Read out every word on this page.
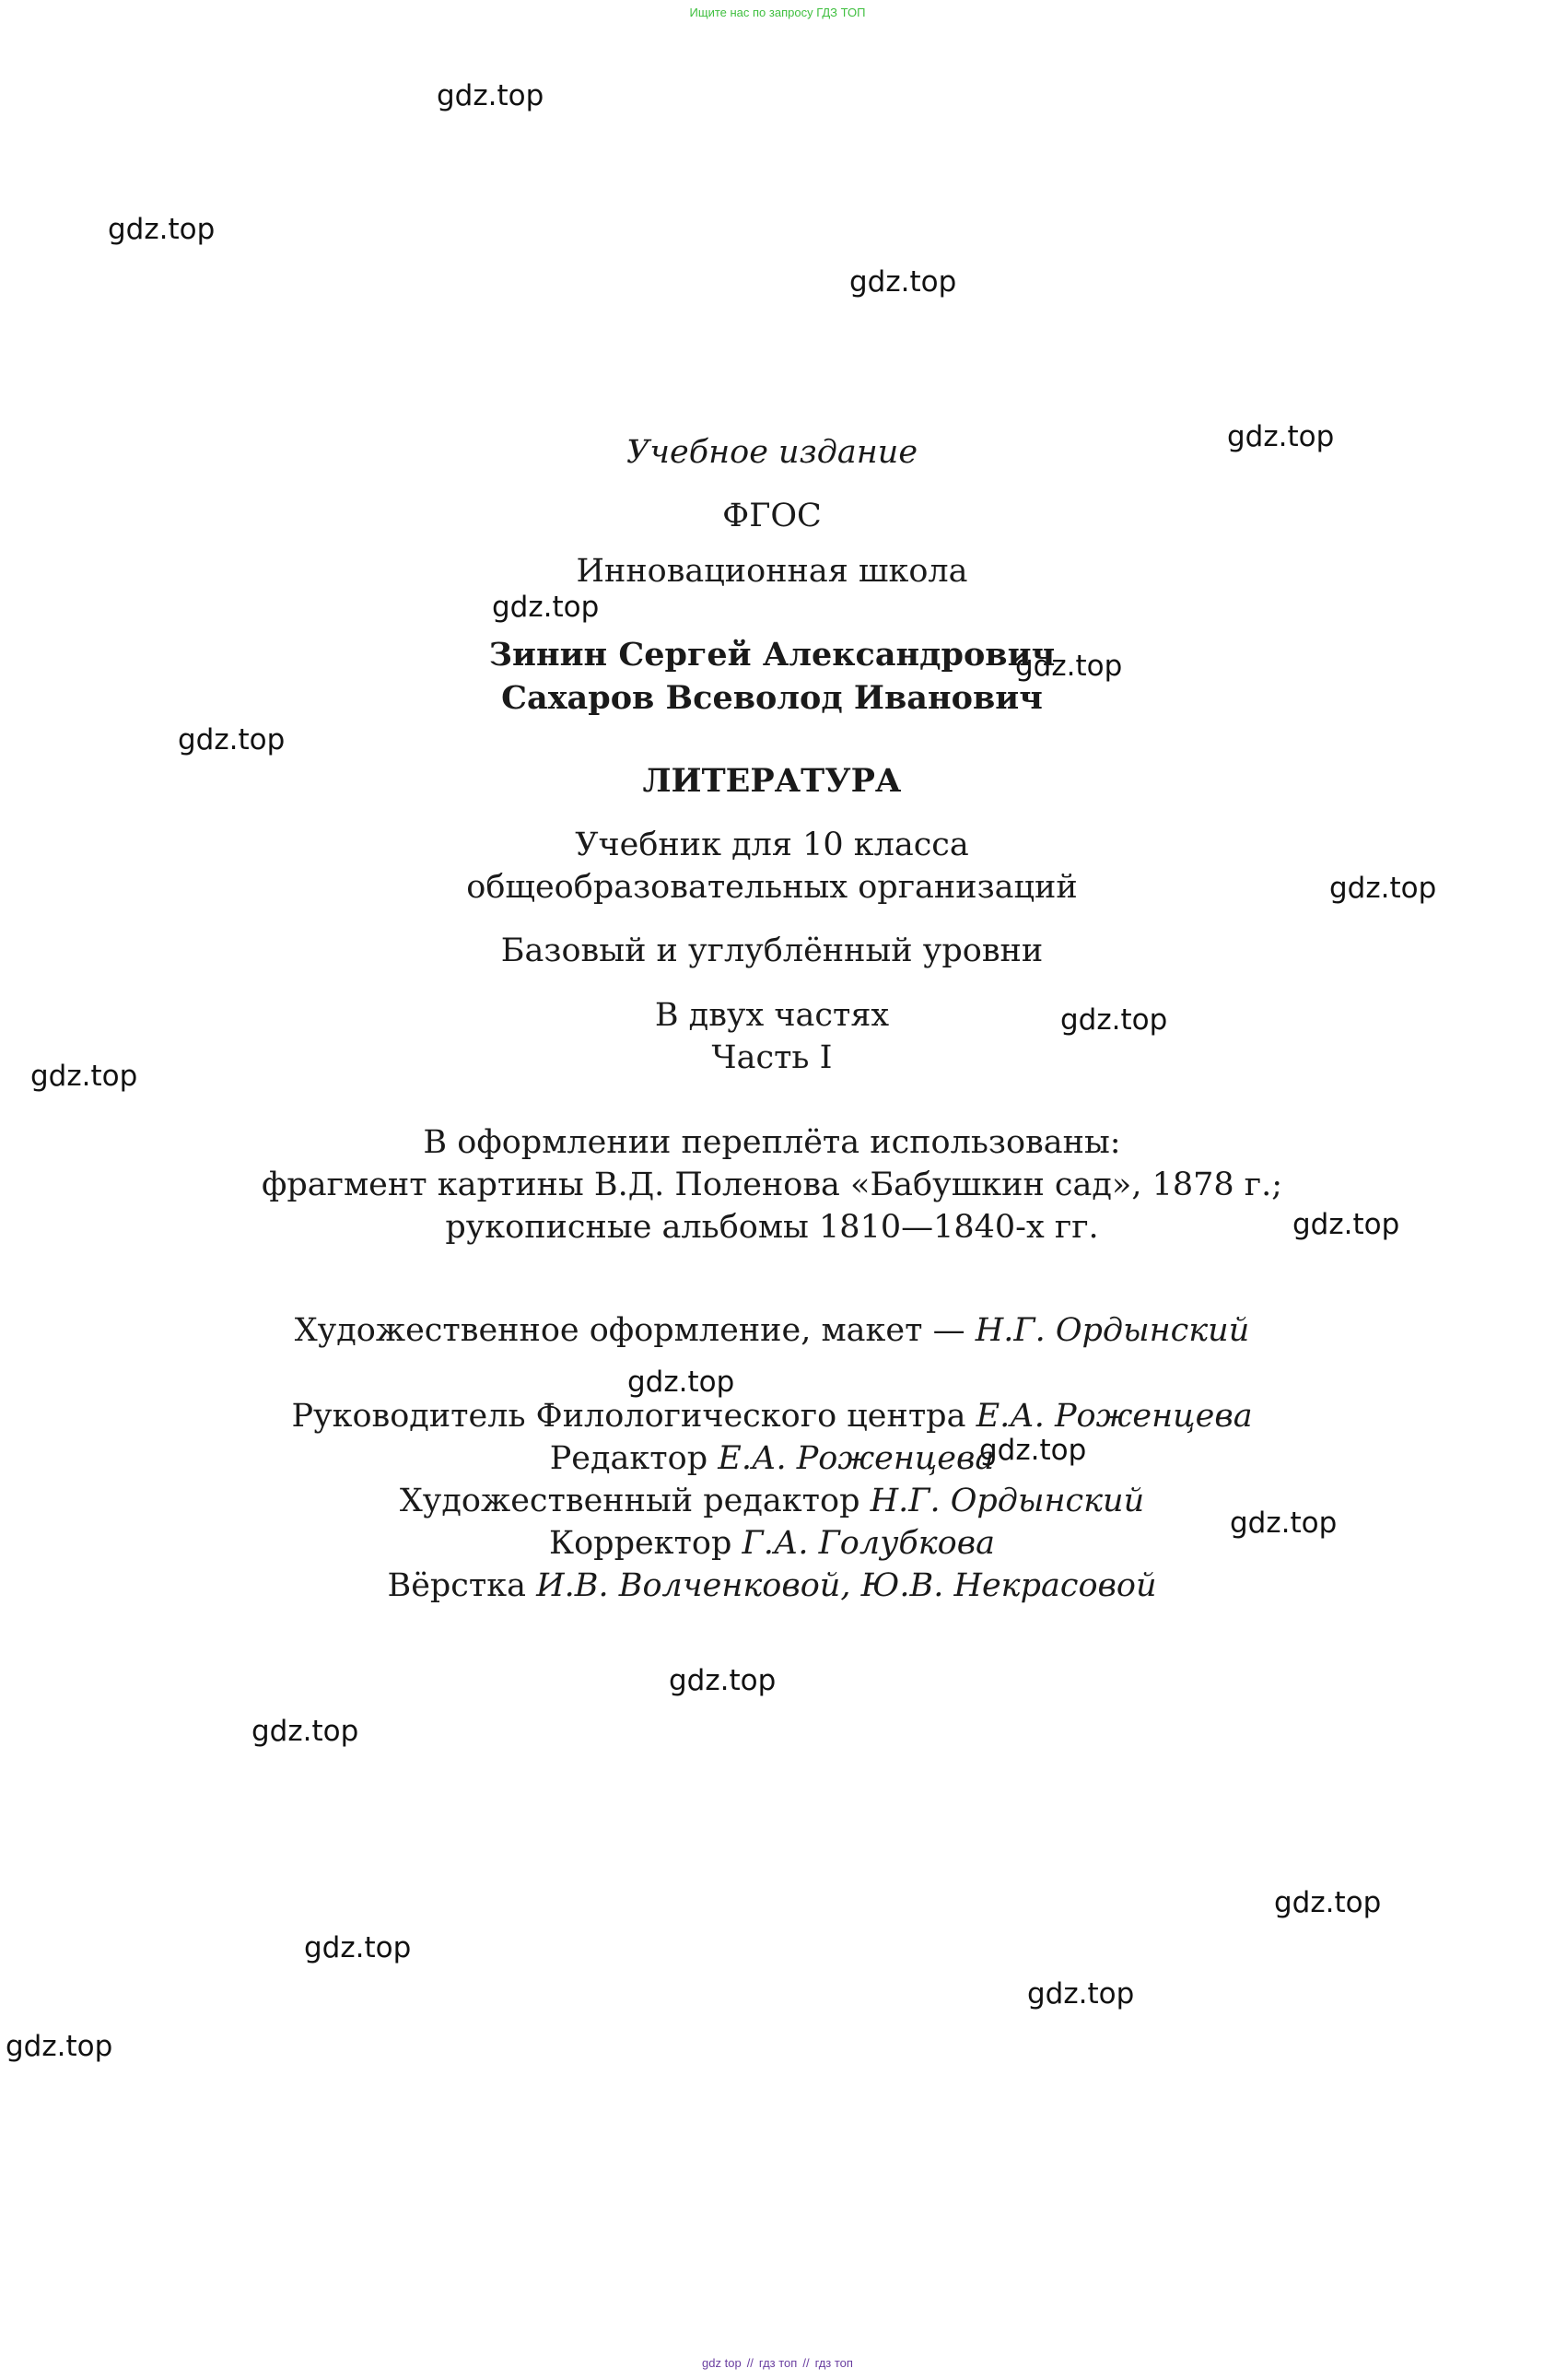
Ищите нас по запросу ГДЗ ТОП
gdz.top
gdz.top
gdz.top
gdz.top
gdz.top
gdz.top
gdz.top
gdz.top
gdz.top
gdz.top
gdz.top
gdz.top
gdz.top
gdz.top
gdz.top
gdz.top
gdz.top
gdz.top
gdz.top
gdz.top
Учебное издание
ФГОС
Инновационная школа
Зинин Сергей Александрович
Сахаров Всеволод Иванович
ЛИТЕРАТУРА
Учебник для 10 класса
общеобразовательных организаций
Базовый и углублённый уровни
В двух частях
Часть I
В оформлении переплёта использованы:
фрагмент картины В.Д. Поленова «Бабушкин сад», 1878 г.;
рукописные альбомы 1810—1840-х гг.
Художественное оформление, макет — Н.Г. Ордынский
Руководитель Филологического центра Е.А. Роженцева
Редактор Е.А. Роженцева
Художественный редактор Н.Г. Ордынский
Корректор Г.А. Голубкова
Вёрстка И.В. Волченковой, Ю.В. Некрасовой
gdz top // гдз топ // гдз топ
